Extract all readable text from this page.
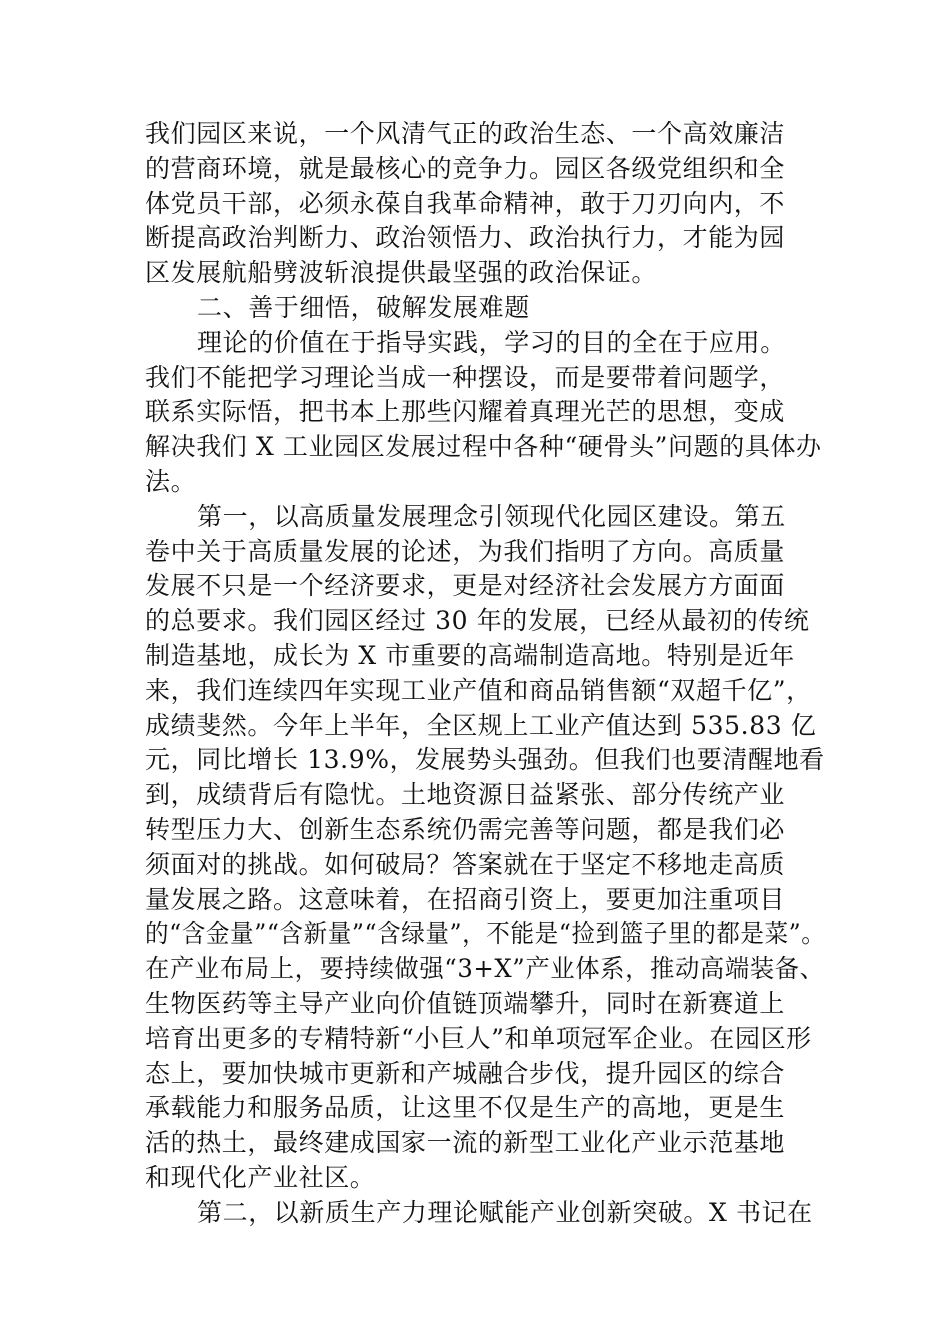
我们园区来说，一个风清气正的政治生态、一个高效廉洁
的营商环境，就是最核心的竞争力。园区各级党组织和全
体党员干部，必须永葆自我革命精神，敢于刀刃向内，不
断提高政治判断力、政治领悟力、政治执行力，才能为园
区发展航船劈波斩浪提供最坚强的政治保证。
二、善于细悟，破解发展难题
理论的价值在于指导实践，学习的目的全在于应用。
我们不能把学习理论当成一种摆设，而是要带着问题学，
联系实际悟，把书本上那些闪耀着真理光芒的思想，变成
解决我们 X 工业园区发展过程中各种“硬骨头”问题的具体办
法。
第一，以高质量发展理念引领现代化园区建设。第五
卷中关于高质量发展的论述，为我们指明了方向。高质量
发展不只是一个经济要求，更是对经济社会发展方方面面
的总要求。我们园区经过 30 年的发展，已经从最初的传统
制造基地，成长为 X 市重要的高端制造高地。特别是近年
来，我们连续四年实现工业产值和商品销售额“双超千亿”，
成绩斐然。今年上半年，全区规上工业产值达到 535.83 亿
元，同比增长 13.9%，发展势头强劲。但我们也要清醒地看
到，成绩背后有隐忧。土地资源日益紧张、部分传统产业
转型压力大、创新生态系统仍需完善等问题，都是我们必
须面对的挑战。如何破局？答案就在于坚定不移地走高质
量发展之路。这意味着，在招商引资上，要更加注重项目
的“含金量”“含新量”“含绿量”，不能是“捡到篮子里的都是菜”。
在产业布局上，要持续做强“3+X”产业体系，推动高端装备、
生物医药等主导产业向价值链顶端攀升，同时在新赛道上
培育出更多的专精特新“小巨人”和单项冠军企业。在园区形
态上，要加快城市更新和产城融合步伐，提升园区的综合
承载能力和服务品质，让这里不仅是生产的高地，更是生
活的热土，最终建成国家一流的新型工业化产业示范基地
和现代化产业社区。
第二，以新质生产力理论赋能产业创新突破。X 书记在
